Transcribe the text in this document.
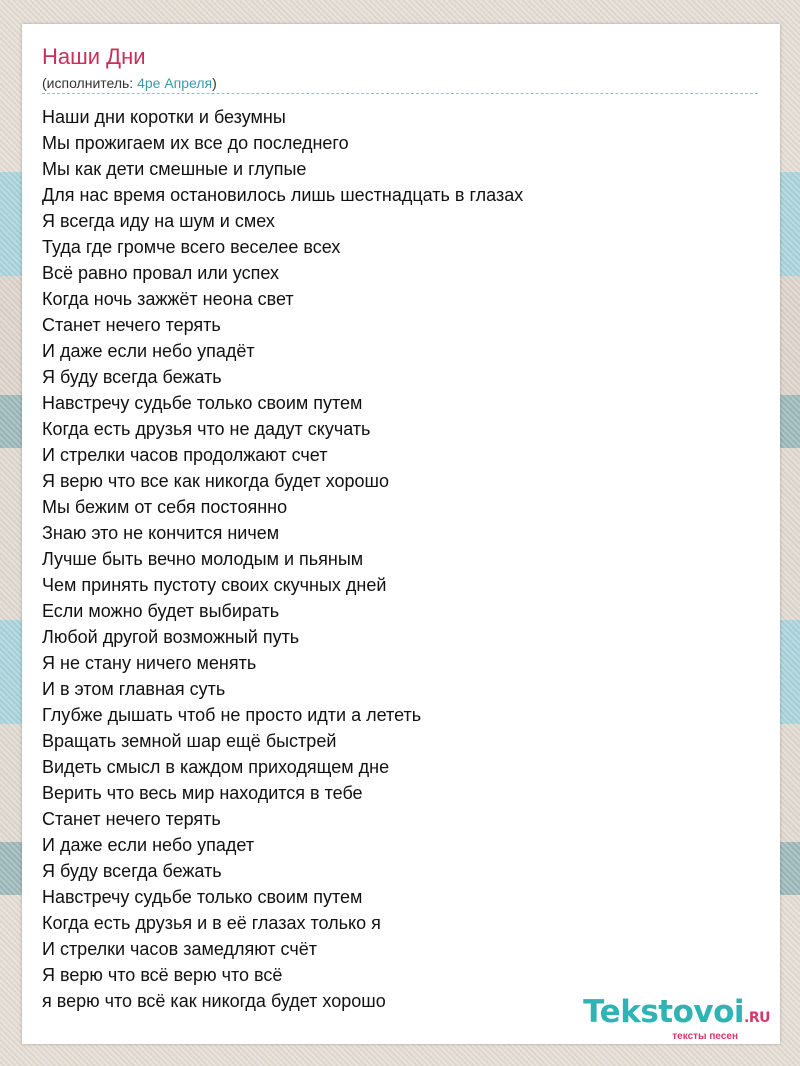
Наши Дни
(исполнитель: 4ре Апреля)
Наши дни коротки и безумны
Мы прожигаем их все до последнего
Мы как дети смешные и глупые
Для нас время остановилось лишь шестнадцать в глазах
Я всегда иду на шум и смех
Туда где громче всего веселее всех
Всё равно провал или успех
Когда ночь зажжёт неона свет
Станет нечего терять
И даже если небо упадёт
Я буду всегда бежать
Навстречу судьбе только своим путем
Когда есть друзья что не дадут скучать
И стрелки часов продолжают счет
Я верю что все как никогда будет хорошо
Мы бежим от себя постоянно
Знаю это не кончится ничем
Лучше быть вечно молодым и пьяным
Чем принять пустоту своих скучных дней
Если можно будет выбирать
Любой другой возможный путь
Я не стану ничего менять
И в этом главная суть
Глубже дышать чтоб не просто идти а лететь
Вращать земной шар ещё быстрей
Видеть смысл в каждом приходящем дне
Верить что весь мир находится в тебе
Станет нечего терять
И даже если небо упадет
Я буду всегда бежать
Навстречу судьбе только своим путем
Когда есть друзья и в её глазах только я
И стрелки часов замедляют счёт
Я верю что всё верю что всё
я верю что всё как никогда будет хорошо	Tekstovoi.RU
тексты песен
